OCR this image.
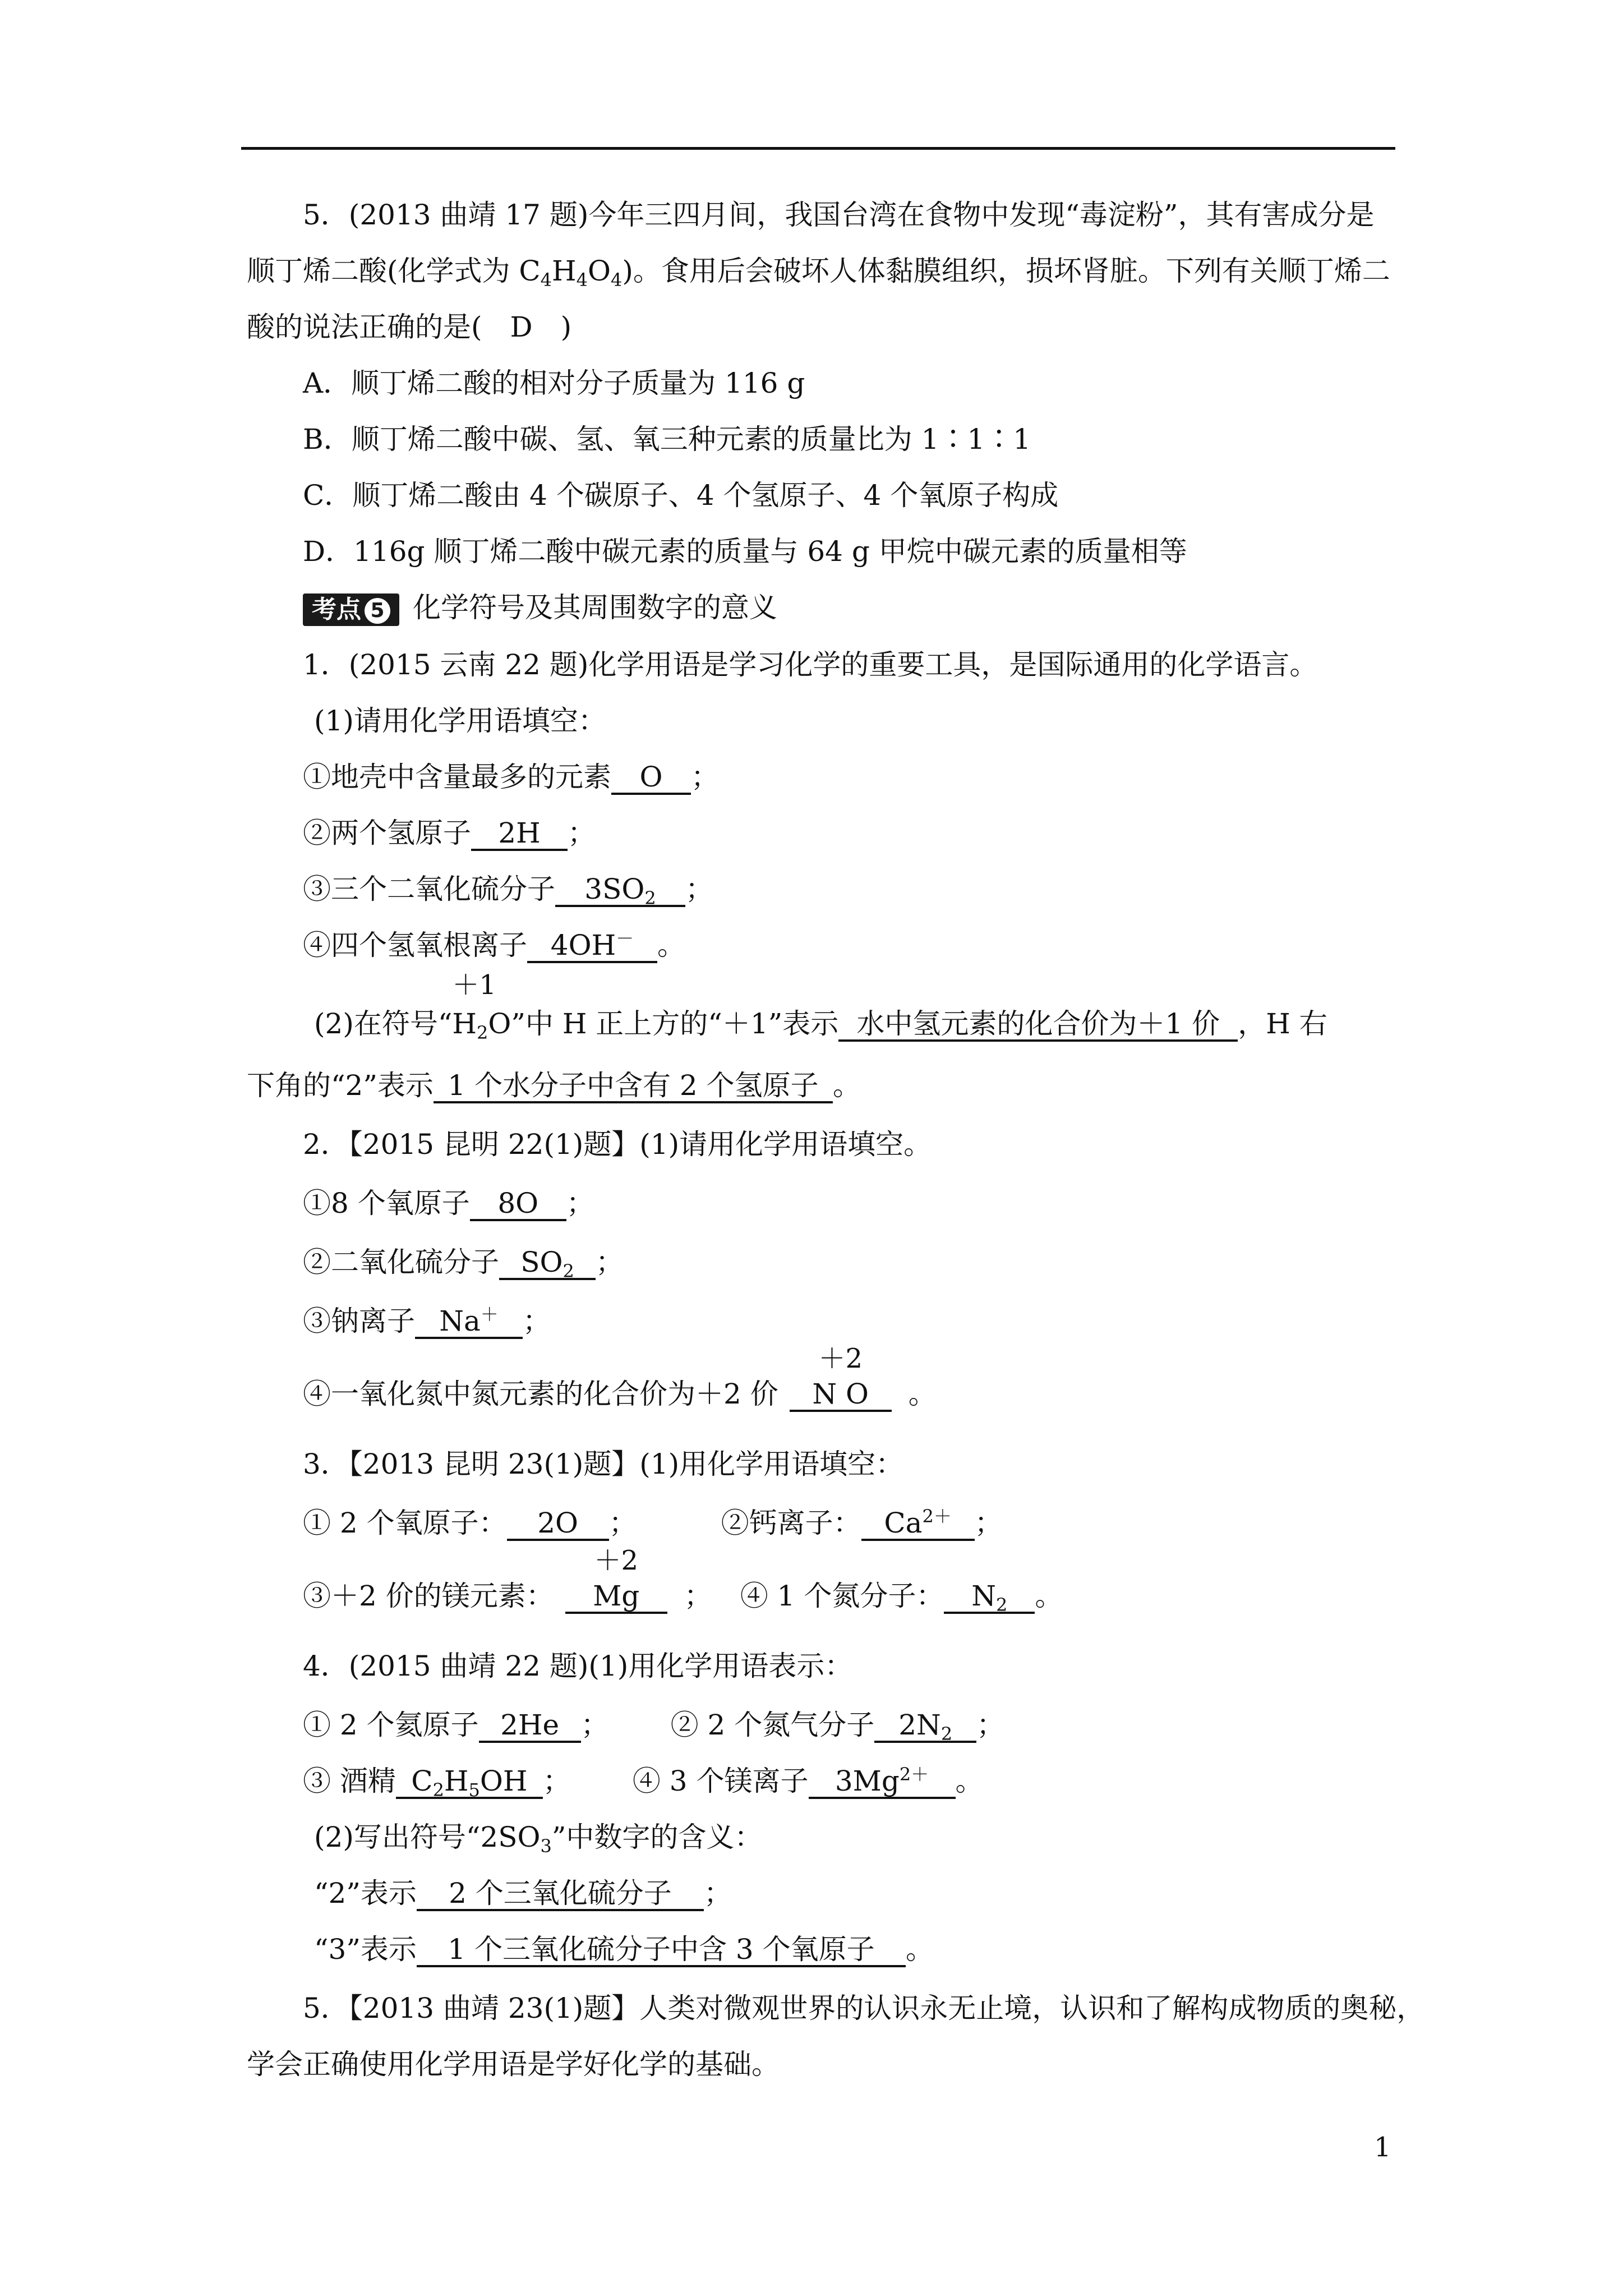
5．(2013 曲靖 17 题)今年三四月间，我国台湾在食物中发现“毒淀粉”，其有害成分是
顺丁烯二酸(化学式为 $C_4H_4O_4$)。食用后会破坏人体黏膜组织，损坏肾脏。下列有关顺丁烯二
酸的说法正确的是(　D　)
A．顺丁烯二酸的相对分子质量为 116 g
B．顺丁烯二酸中碳、氢、氧三种元素的质量比为 1∶1∶1
C．顺丁烯二酸由 4 个碳原子、4 个氢原子、4 个氧原子构成
D．116g 顺丁烯二酸中碳元素的质量与 64 g 甲烷中碳元素的质量相等
考点 5 化学符号及其周围数字的意义
1．(2015 云南 22 题)化学用语是学习化学的重要工具，是国际通用的化学语言。
(1)请用化学用语填空：
①地壳中含量最多的元素 O ；
②两个氢原子 2H ；
③三个二氧化硫分子 $3SO_2$ ；
④四个氢氧根离子 4OH－ 。
(2)在符号“
＋1
$H_2O$”中 H 正上方的“＋1”表示 水中氢元素的化合价为＋1 价 ，H 右
下角的“2”表示 1 个水分子中含有 2 个氢原子 。
2．【2015 昆明 22(1)题】(1)请用化学用语填空。
①8 个氧原子 8O ；
②二氧化硫分子 $SO_2$ ；
③钠离子 Na＋ ；
④一氧化氮中氮元素的化合价为＋2 价
＋2
N O 。
3．【2013 昆明 23(1)题】(1)用化学用语填空：
① 2 个氧原子： 2O ；	②钙离子： $Ca^{2+}$ ；
③＋2 价的镁元素：
＋2
Mg ； ④ 1 个氮分子： $N_2$ 。
4．(2015 曲靖 22 题)(1)用化学用语表示：
① 2 个氦原子 2He ； ② 2 个氮气分子 $2N_2$ ；
③ 酒精 $C_2H_5OH$ ； ④ 3 个镁离子 $3Mg^{2+}$ 。
(2)写出符号“$2SO_3$”中数字的含义：
“2”表示 2 个三氧化硫分子 ；
“3”表示 1 个三氧化硫分子中含 3 个氧原子 。
5．【2013 曲靖 23(1)题】人类对微观世界的认识永无止境，认识和了解构成物质的奥秘，
学会正确使用化学用语是学好化学的基础。
1
